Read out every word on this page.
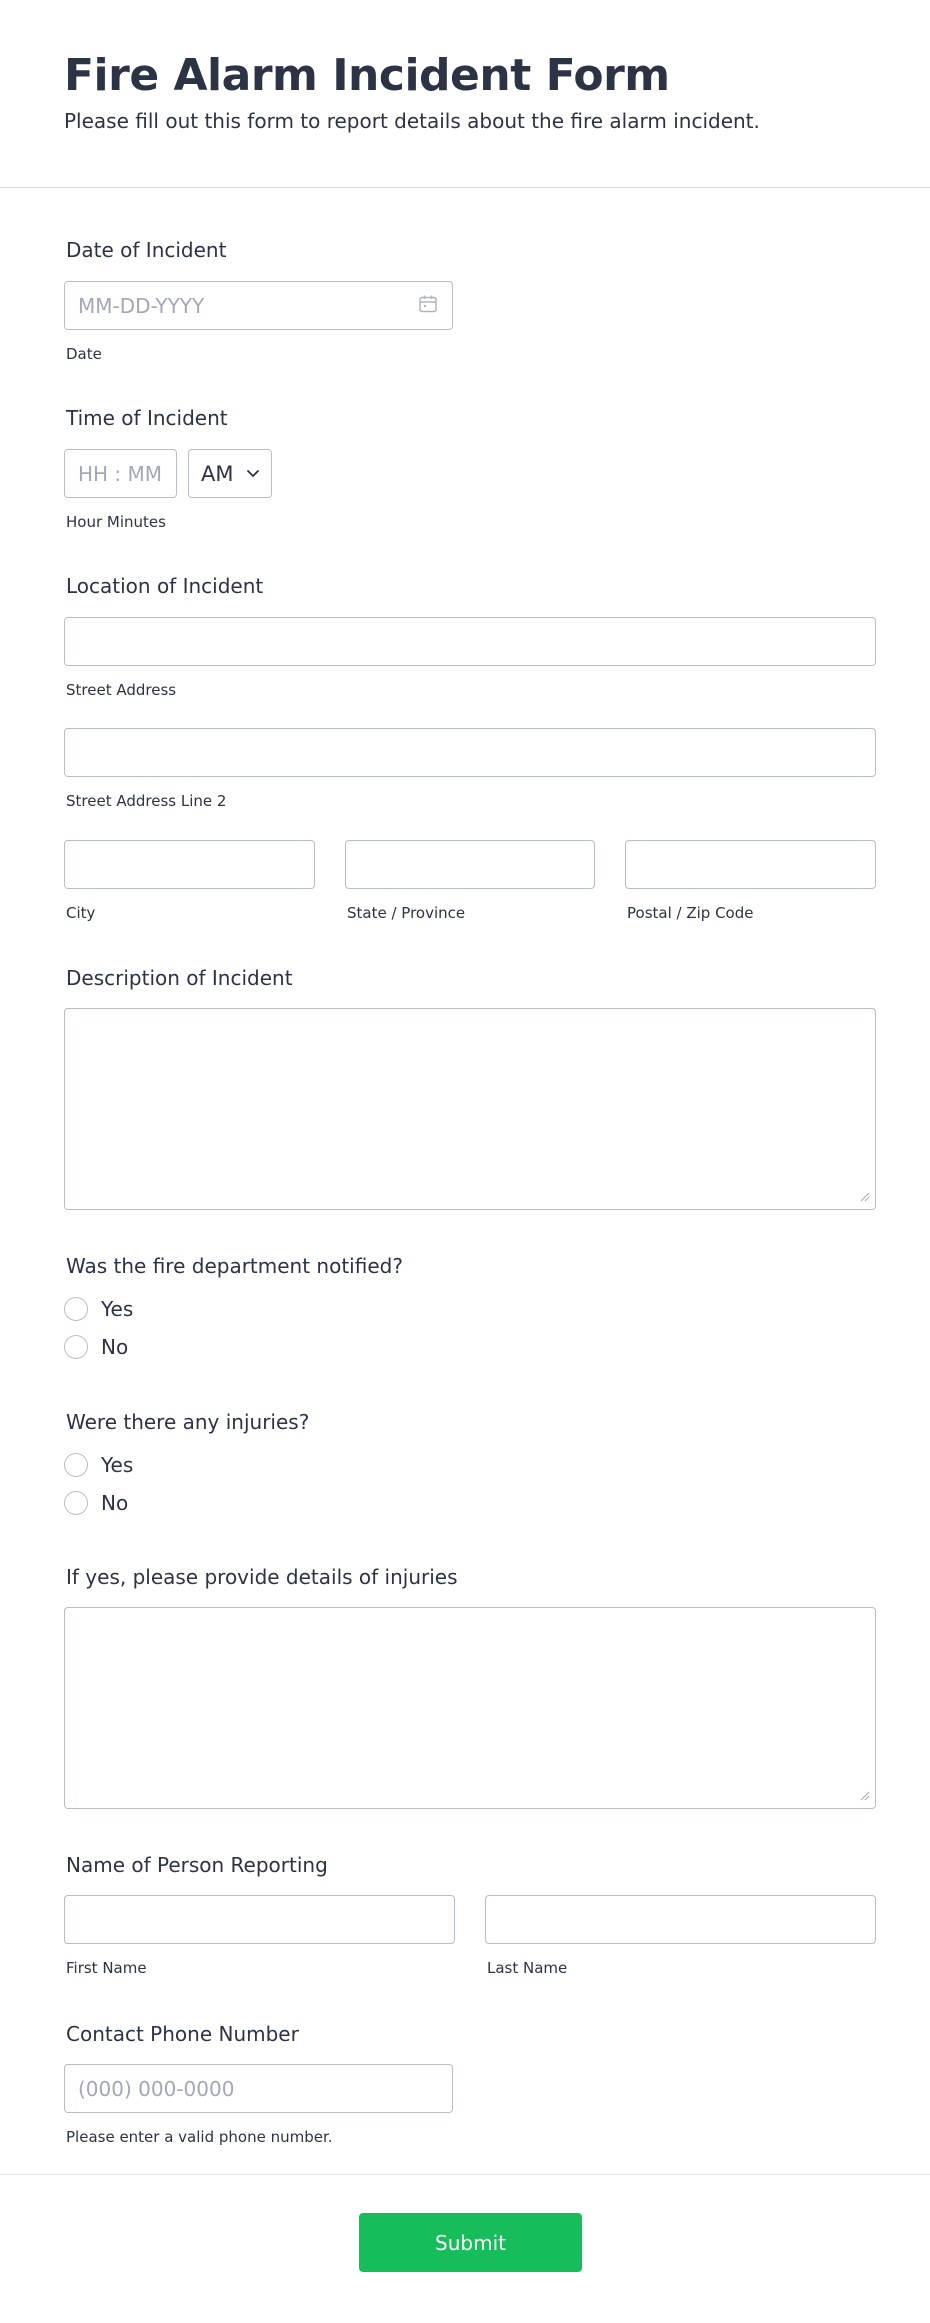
Fire Alarm Incident Form

Please fill out this form to report details about the fire alarm incident.

Date of Incident
MM-DD-YYYY
Date
Time of Incident
HH : MM
AM
Hour Minutes
Location of Incident
Street Address
Street Address Line 2
City	State / Province	Postal / Zip Code
Description of Incident
Was the fire department notified?
Yes
No
Were there any injuries?
Yes
No
If yes, please provide details of injuries
Name of Person Reporting
First Name	Last Name
Contact Phone Number
(000) 000-0000
Please enter a valid phone number.
Submit
